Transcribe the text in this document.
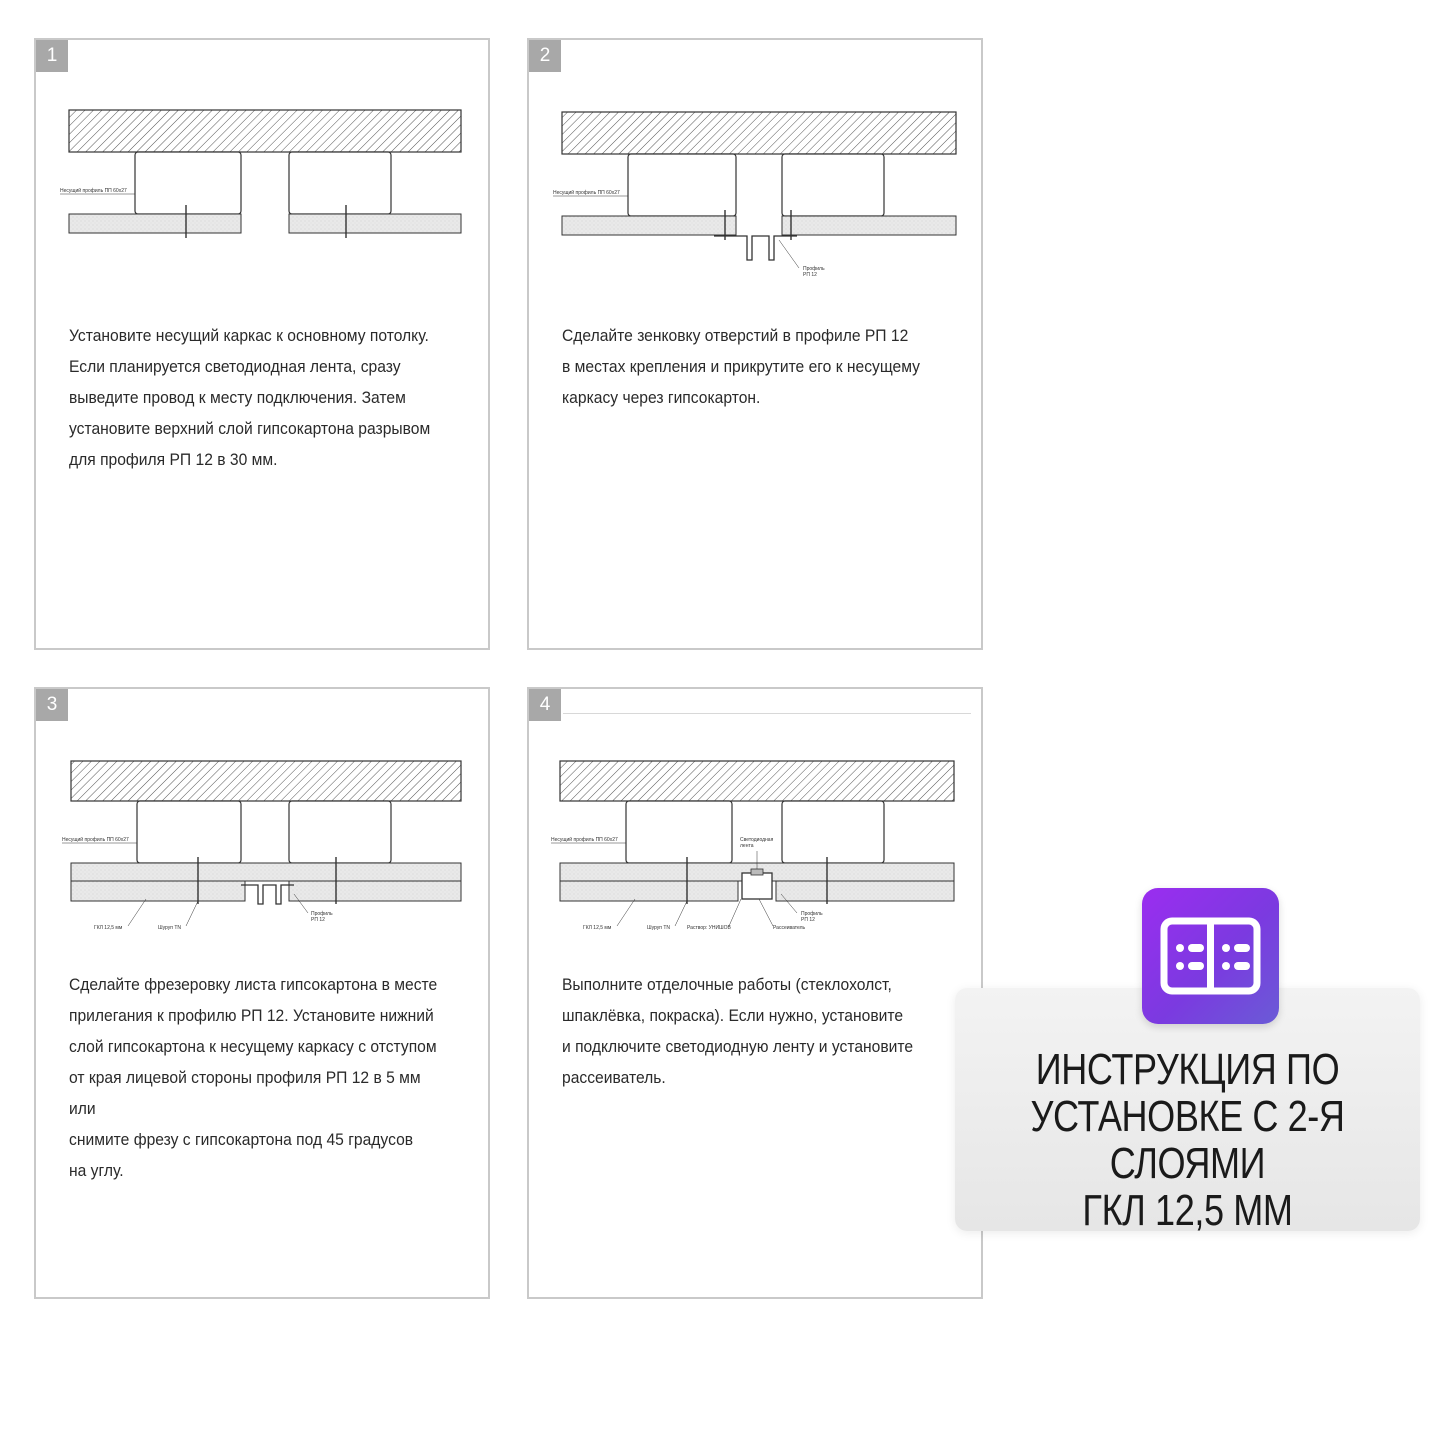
1
Несущий профиль ПП 60х27

Установите несущий каркас к основному потолку.
Если планируется светодиодная лента, сразу
выведите провод к месту подключения. Затем
установите верхний слой гипсокартона разрывом
для профиля РП 12 в 30 мм.

2
Несущий профиль ПП 60х27
Профиль РП 12

Сделайте зенковку отверстий в профиле РП 12
в местах крепления и прикрутите его к несущему
каркасу через гипсокартон.

3
Несущий профиль ПП 60х27
ГКЛ 12,5 мм	Шуруп TN
Профиль РП 12

Сделайте фрезеровку листа гипсокартона в месте
прилегания к профилю РП 12. Установите нижний
слой гипсокартона к несущему каркасу с отступом
от края лицевой стороны профиля РП 12 в 5 мм или
снимите фрезу с гипсокартона под 45 градусов
на углу.

4
Несущий профиль ПП 60х27	Светодиодная лента
ГКЛ 12,5 мм	Шуруп TN	Раствор: УНИШОВ	Рассеиватель
Профиль РП 12

Выполните отделочные работы (стеклохолст,
шпаклёвка, покраска). Если нужно, установите
и подключите светодиодную ленту и установите
рассеиватель.	ИНСТРУКЦИЯ ПО
УСТАНОВКЕ С 2-Я СЛОЯМИ
ГКЛ 12,5 ММ
